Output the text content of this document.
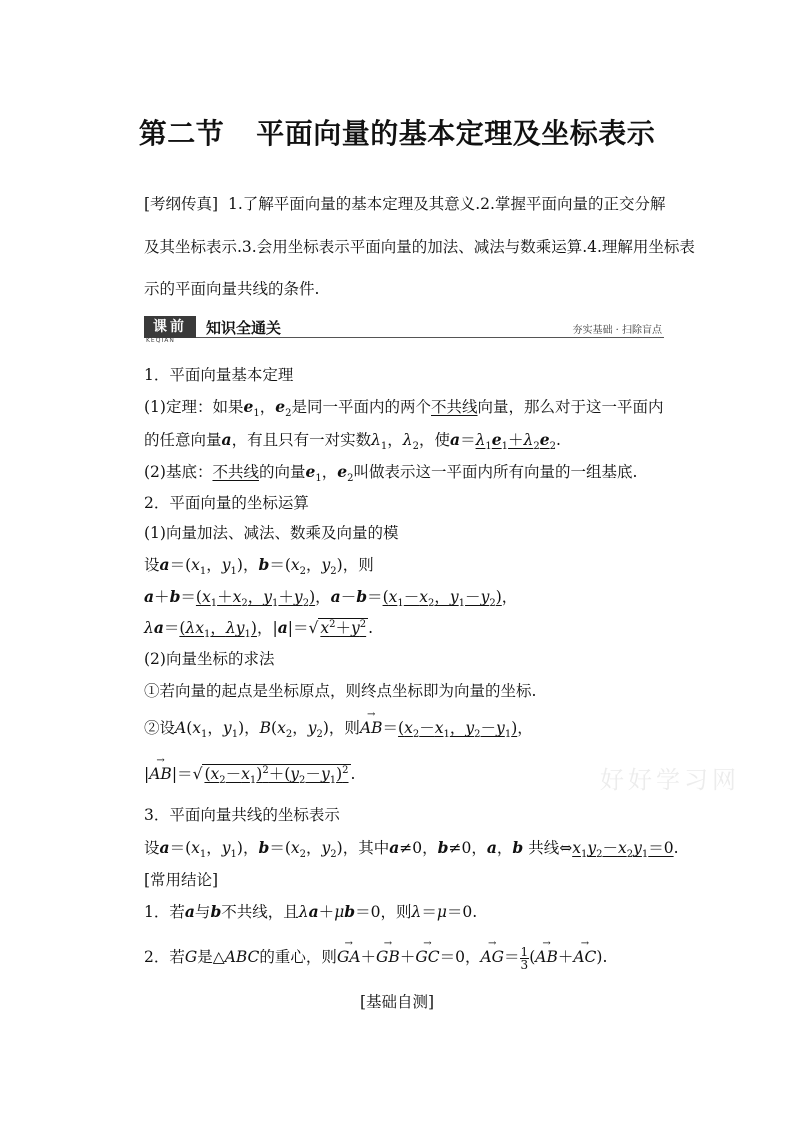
第二节 平面向量的基本定理及坐标表示
[考纲传真] 1.了解平面向量的基本定理及其意义.2.掌握平面向量的正交分解
及其坐标表示.3.会用坐标表示平面向量的加法、减法与数乘运算.4.理解用坐标表
示的平面向量共线的条件.
课前
KEQIAN
知识全通关	夯实基础 · 扫除盲点
1．平面向量基本定理
(1)定理：如果$e_1$，$e_2$是同一平面内的两个不共线向量，那么对于这一平面内
的任意向量a，有且只有一对实数$\lambda_1$，$\lambda_2$，使$a=\lambda_1e_1+\lambda_2e_2$.
(2)基底：不共线的向量$e_1$，$e_2$叫做表示这一平面内所有向量的一组基底.
2．平面向量的坐标运算
(1)向量加法、减法、数乘及向量的模
设$a=(x_1$，$y_1$)，$b=(x_2$，$y_2$)，则
$a+b=(x_1+x_2$，$y_1+y_2$)，$a-b=(x_1-x_2$，$y_1-y_2$)，
$\lambda a=(\lambda x_1$，$\lambda y_1$)，|a|＝√ $x^2+y^2$ .
(2)向量坐标的求法
①若向量的起点是坐标原点，则终点坐标即为向量的坐标.
②设$A(x_1$，$y_1$)，$B(x_2$，$y_2$)，则→ $AB=(x_2-x_1$，$y_2-y_1$)，
|→ AB|＝√ $(x_2-x_1)^2+(y_2-y_1)^2$ .
3．平面向量共线的坐标表示
设$a=(x_1$，$y_1$)，$b=(x_2$，$y_2$)，其中a≠0，b≠0，a，b 共线$\Leftrightarrow x_1y_2-x_2y_1=0$.
[常用结论]
1．若a与b不共线，且λa＋μb＝0，则λ＝μ＝0.
2．若G是△ABC的重心，则→ GA＋→ GB＋→ GC＝0，→ $AG= \frac{1}{3}$ (→ AB＋→ AC).
[基础自测]
好好学习网
